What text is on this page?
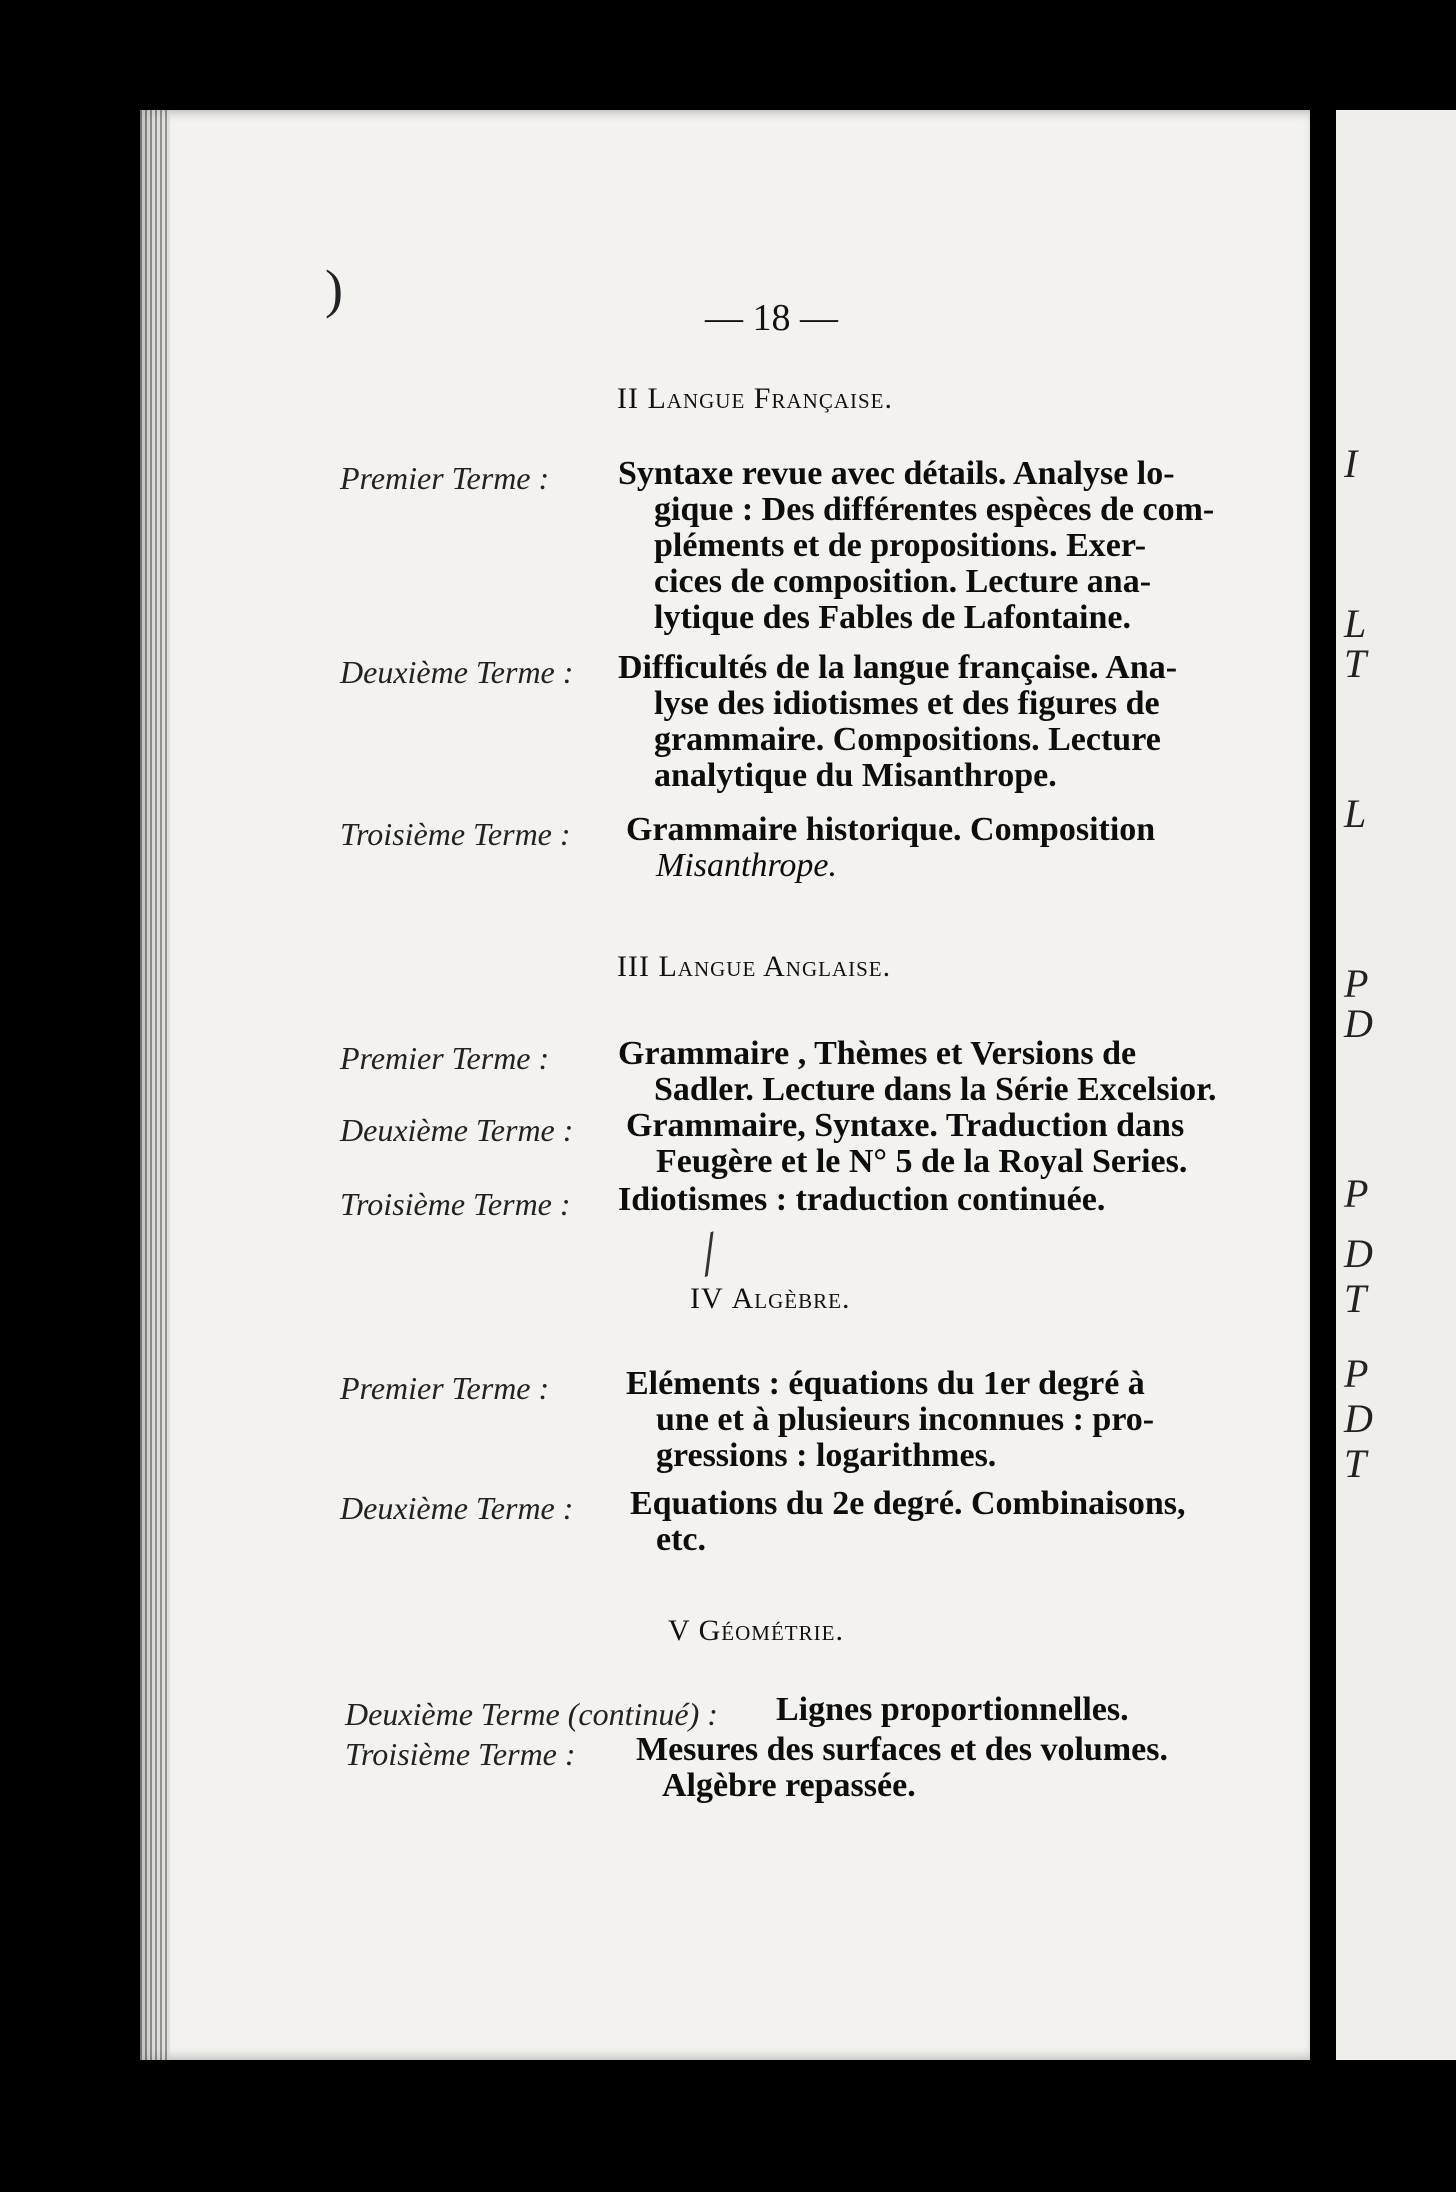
I
L
T
L
P
D
P
D
T
P
D
T
)
/
— 18 —
II Langue Française.
Premier Terme : Syntaxe revue avec détails. Analyse lo-
gique : Des différentes espèces de com-
pléments et de propositions. Exer-
cices de composition. Lecture ana-
lytique des Fables de Lafontaine.
Deuxième Terme : Difficultés de la langue française. Ana-
lyse des idiotismes et des figures de
grammaire. Compositions. Lecture
analytique du Misanthrope.
Troisième Terme : Grammaire historique. Composition
Misanthrope.
III Langue Anglaise.
Premier Terme : Grammaire , Thèmes et Versions de
Sadler. Lecture dans la Série Excelsior.
Deuxième Terme : Grammaire, Syntaxe. Traduction dans
Feugère et le N° 5 de la Royal Series.
Troisième Terme : Idiotismes : traduction continuée.
IV Algèbre.
Premier Terme : Eléments : équations du 1er degré à
une et à plusieurs inconnues : pro-
gressions : logarithmes.
Deuxième Terme : Equations du 2e degré. Combinaisons,
etc.
V Géométrie.
Deuxième Terme (continué) : Lignes proportionnelles.
Troisième Terme : Mesures des surfaces et des volumes.
Algèbre repassée.
